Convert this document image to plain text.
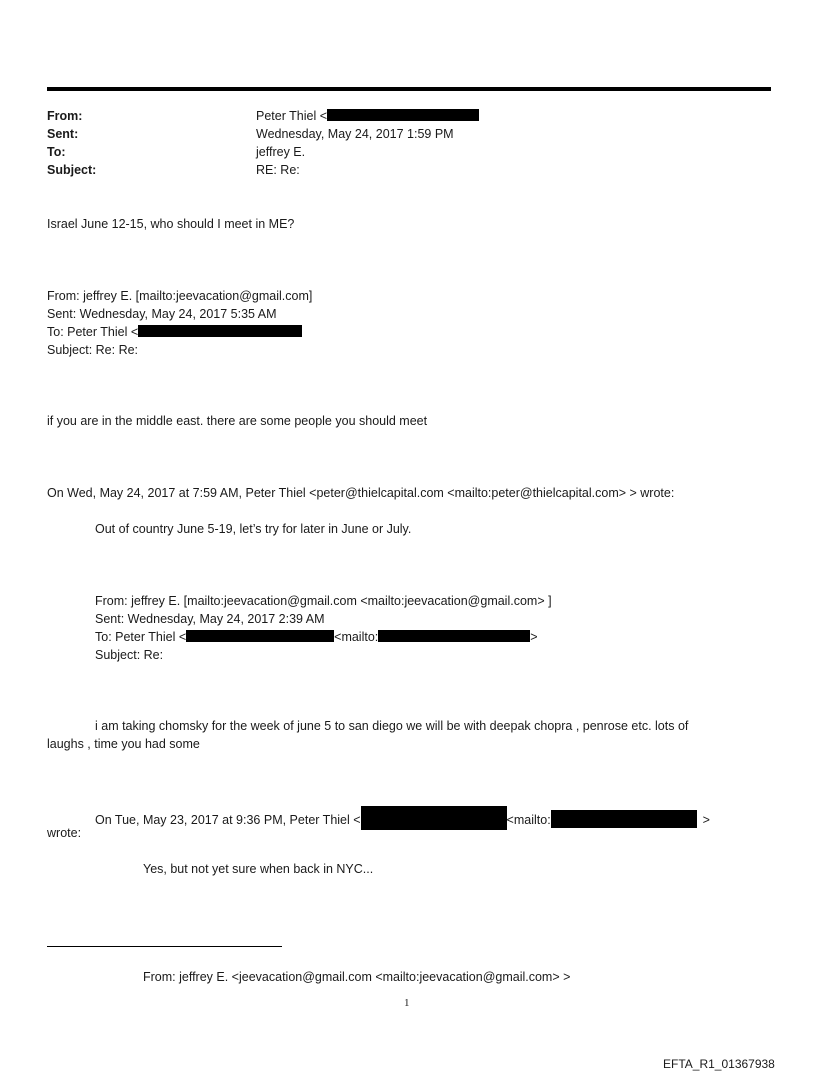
From:	Peter Thiel <
Sent:	Wednesday, May 24, 2017 1:59 PM
To:	jeffrey E.
Subject:	RE: Re:
Israel June 12-15, who should I meet in ME?
From: jeffrey E. [mailto:jeevacation@gmail.com]
Sent: Wednesday, May 24, 2017 5:35 AM
To: Peter Thiel <
Subject: Re: Re:
if you are in the middle east. there are some people you should meet
On Wed, May 24, 2017 at 7:59 AM, Peter Thiel <peter@thielcapital.com <mailto:peter@thielcapital.com> > wrote:
Out of country June 5-19, let’s try for later in June or July.
From: jeffrey E. [mailto:jeevacation@gmail.com <mailto:jeevacation@gmail.com> ]
Sent: Wednesday, May 24, 2017 2:39 AM
To: Peter Thiel <	<mailto:	>
Subject: Re:
i am taking chomsky for the week of june 5 to san diego we will be with deepak chopra , penrose etc. lots of
laughs , time you had some
On Tue, May 23, 2017 at 9:36 PM, Peter Thiel <	<mailto:	>
wrote:
Yes, but not yet sure when back in NYC...
From: jeffrey E. <jeevacation@gmail.com <mailto:jeevacation@gmail.com> >
1
EFTA_R1_01367938
